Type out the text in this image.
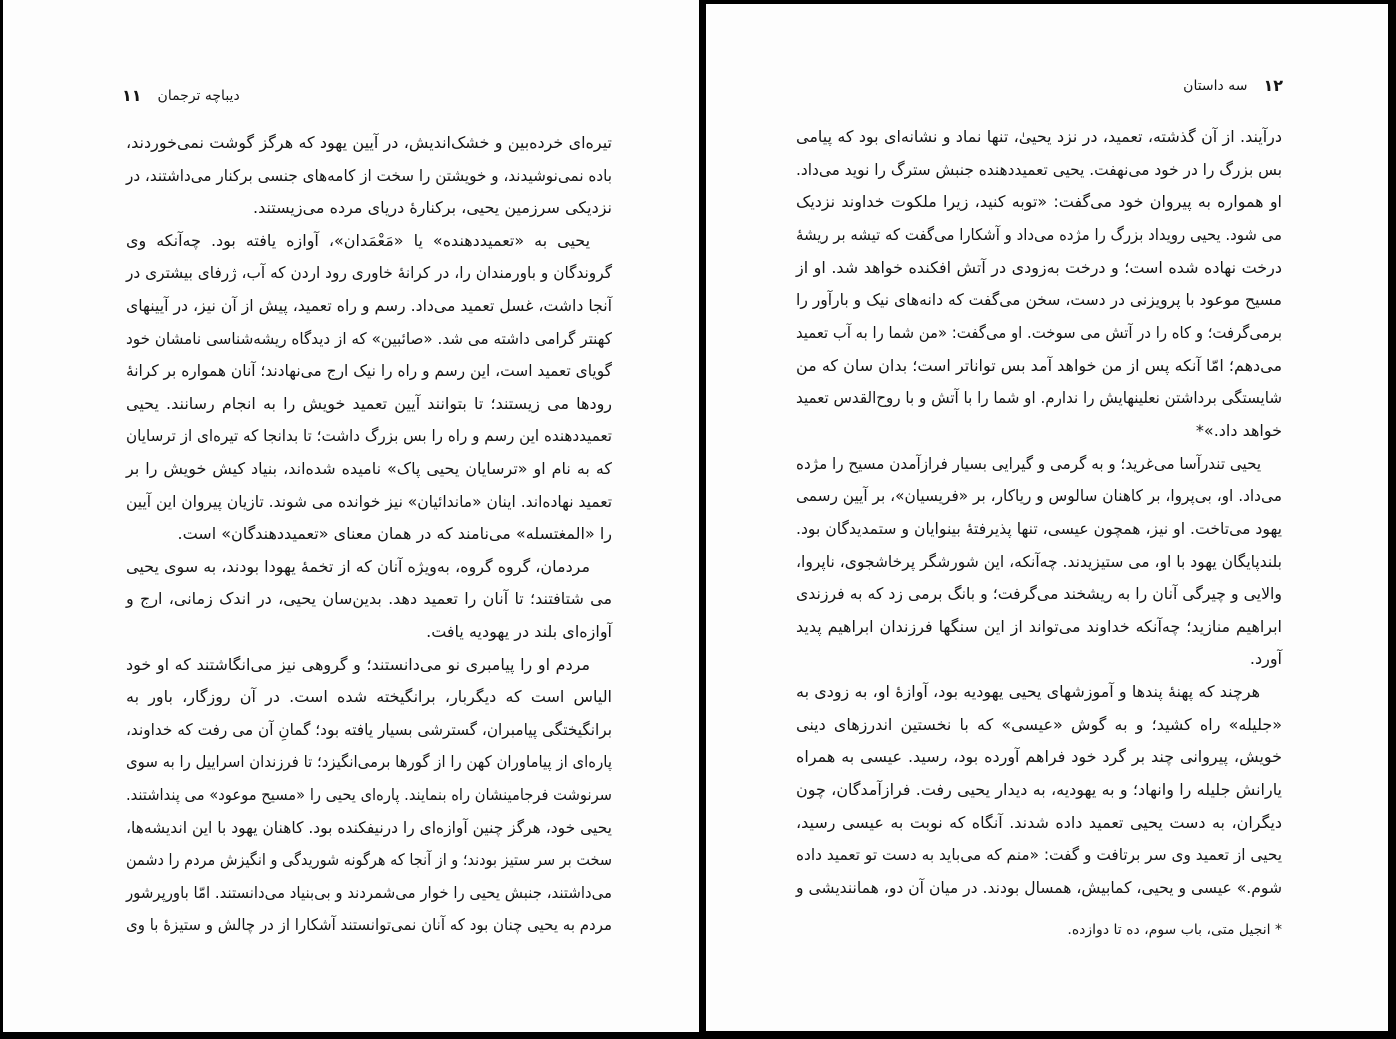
دیباچه ترجمان
۱۱
تیره‌ای خرده‌بین و خشک‌اندیش، در آیین یهود که هرگز گوشت نمی‌خوردند،
باده نمی‌نوشیدند، و خویشتن را سخت از کامه‌های جنسی برکنار می‌داشتند، در
نزدیکی سرزمین یحیی، برکنارهٔ دریای مرده می‌زیستند.
یحیی به «تعمیددهنده» یا «مَعْمَدان»، آوازه یافته بود. چه‌آنکه وی
گروندگان و باورمندان را، در کرانهٔ خاوری رود اردن که آب، ژرفای بیشتری در
آنجا داشت، غسل تعمید می‌داد. رسم و راه تعمید، پیش از آن نیز، در آیینهای
کهنتر گرامی داشته می شد. «صائبین» که از دیدگاه ریشه‌شناسی نامشان خود
گویای تعمید است، این رسم و راه را نیک ارج می‌نهادند؛ آنان همواره بر کرانهٔ
رودها می زیستند؛ تا بتوانند آیین تعمید خویش را به انجام رسانند. یحیی
تعمیددهنده این رسم و راه را بس بزرگ داشت؛ تا بدانجا که تیره‌ای از ترسایان
که به نام او «ترسایان یحیی پاک» نامیده شده‌اند، بنیاد کیش خویش را بر
تعمید نهاده‌اند. اینان «ماندائیان» نیز خوانده می شوند. تازیان پیروان این آیین
را «المغتسله» می‌نامند که در همان معنای «تعمیددهندگان» است.
مردمان، گروه گروه، به‌ویژه آنان که از تخمهٔ یهودا بودند، به سوی یحیی
می شتافتند؛ تا آنان را تعمید دهد. بدین‌سان یحیی، در اندک زمانی، ارج و
آوازه‌ای بلند در یهودیه یافت.
مردم او را پیامبری نو می‌دانستند؛ و گروهی نیز می‌انگاشتند که او خود
الیاس است که دیگربار، برانگیخته شده است. در آن روزگار، باور به
برانگیختگی پیامبران، گسترشی بسیار یافته بود؛ گمانِ آن می رفت که خداوند،
پاره‌ای از پیاماوران کهن را از گورها برمی‌انگیزد؛ تا فرزندان اسراییل را به سوی
سرنوشت فرجامینشان راه بنمایند. پاره‌ای یحیی را «مسیح موعود» می پنداشتند.
یحیی خود، هرگز چنین آوازه‌ای را درنیفکنده بود. کاهنان یهود با این اندیشه‌ها،
سخت بر سر ستیز بودند؛ و از آنجا که هرگونه شوریدگی و انگیزش مردم را دشمن
می‌داشتند، جنبش یحیی را خوار می‌شمردند و بی‌بنیاد می‌دانستند. امّا باورپرشور
مردم به یحیی چنان بود که آنان نمی‌توانستند آشکارا از در چالش و ستیزهٔ با وی
۱۲
سه داستان
درآیند. از آن گذشته، تعمید، در نزد یحییٰ، تنها نماد و نشانه‌ای بود که پیامی
بس بزرگ را در خود می‌نهفت. یحیی تعمیددهنده جنبش سترگ را نوید می‌داد.
او همواره به پیروان خود می‌گفت: «توبه کنید، زیرا ملکوت خداوند نزدیک
می شود. یحیی رویداد بزرگ را مژده می‌داد و آشکارا می‌گفت که تیشه بر ریشهٔ
درخت نهاده شده است؛ و درخت به‌زودی در آتش افکنده خواهد شد. او از
مسیح موعود با پرویزنی در دست، سخن می‌گفت که دانه‌های نیک و بارآور را
برمی‌گرفت؛ و کاه را در آتش می سوخت. او می‌گفت: «من شما را به آب تعمید
می‌دهم؛ امّا آنکه پس از من خواهد آمد بس تواناتر است؛ بدان سان که من
شایستگی برداشتن نعلینهایش را ندارم. او شما را با آتش و با روح‌القدس تعمید
خواهد داد.»*
یحیی تندرآسا می‌غرید؛ و به گرمی و گیرایی بسیار فرازآمدن مسیح را مژده
می‌داد. او، بی‌پروا، بر کاهنان سالوس و ریاکار، بر «فریسیان»، بر آیین رسمی
یهود می‌تاخت. او نیز، همچون عیسی، تنها پذیرفتهٔ بینوایان و ستمدیدگان بود.
بلندپایگان یهود با او، می ستیزیدند. چه‌آنکه، این شورشگر پرخاشجوی، ناپروا،
والایی و چیرگی آنان را به ریشخند می‌گرفت؛ و بانگ برمی زد که به فرزندی
ابراهیم منازید؛ چه‌آنکه خداوند می‌تواند از این سنگها فرزندان ابراهیم پدید
آورد.
هرچند که پهنهٔ پندها و آموزشهای یحیی یهودیه بود، آوازهٔ او، به زودی به
«جلیله» راه کشید؛ و به گوش «عیسی» که با نخستین اندرزهای دینی
خویش، پیروانی چند بر گرد خود فراهم آورده بود، رسید. عیسی به همراه
یارانش جلیله را وانهاد؛ و به یهودیه، به دیدار یحیی رفت. فرازآمدگان، چون
دیگران، به دست یحیی تعمید داده شدند. آنگاه که نوبت به عیسی رسید،
یحیی از تعمید وی سر برتافت و گفت: «منم که می‌باید به دست تو تعمید داده
شوم.» عیسی و یحیی، کمابیش، همسال بودند. در میان آن دو، همانندیشی و
* انجیل متی، باب سوم، ده تا دوازده.
